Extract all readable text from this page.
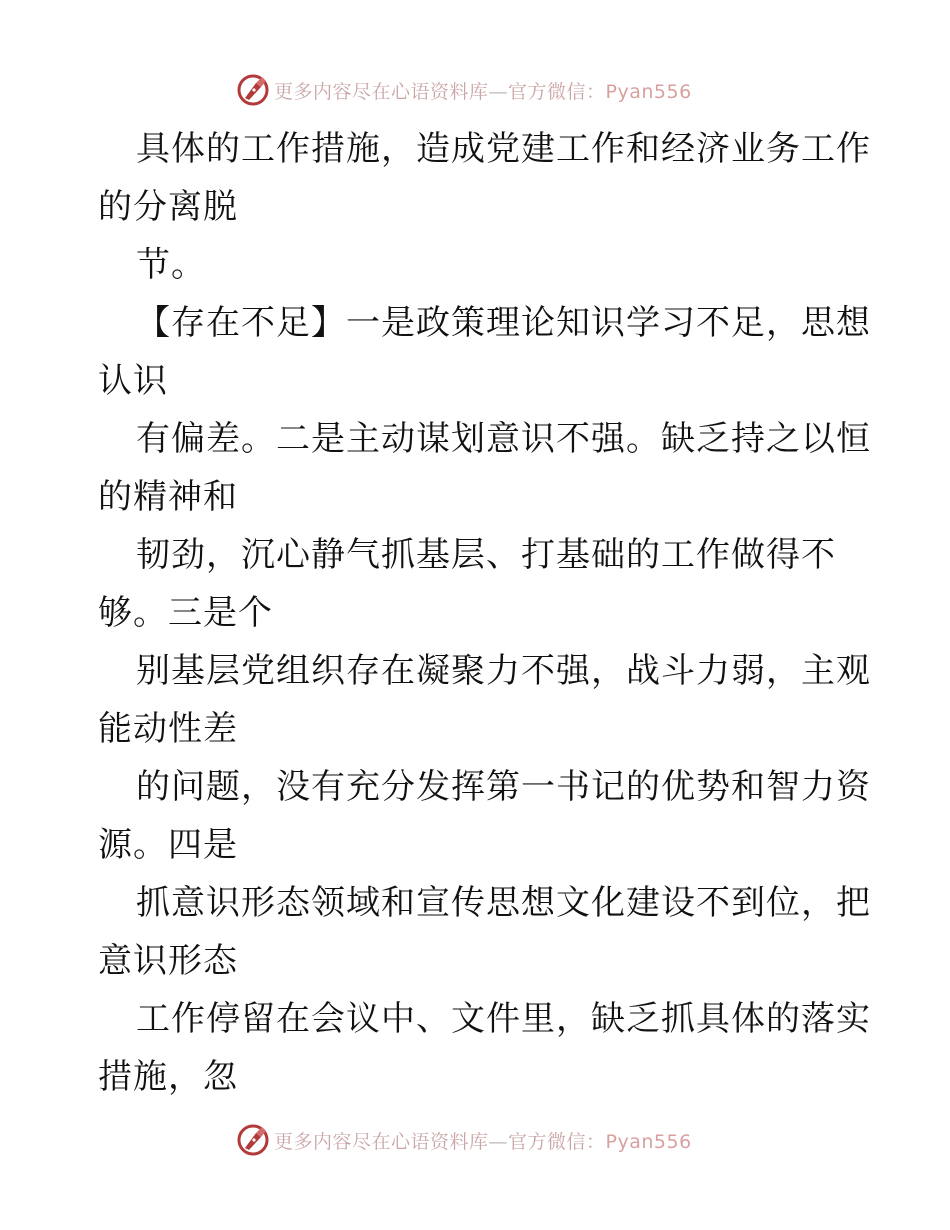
更多内容尽在心语资料库—官方微信：Pyan556
具体的工作措施，造成党建工作和经济业务工作
的分离脱
节。
【存在不足】一是政策理论知识学习不足，思想
认识
有偏差。二是主动谋划意识不强。缺乏持之以恒
的精神和
韧劲，沉心静气抓基层、打基础的工作做得不
够。三是个
别基层党组织存在凝聚力不强，战斗力弱，主观
能动性差
的问题，没有充分发挥第一书记的优势和智力资
源。四是
抓意识形态领域和宣传思想文化建设不到位，把
意识形态
工作停留在会议中、文件里，缺乏抓具体的落实
措施，忽
更多内容尽在心语资料库—官方微信：Pyan556
